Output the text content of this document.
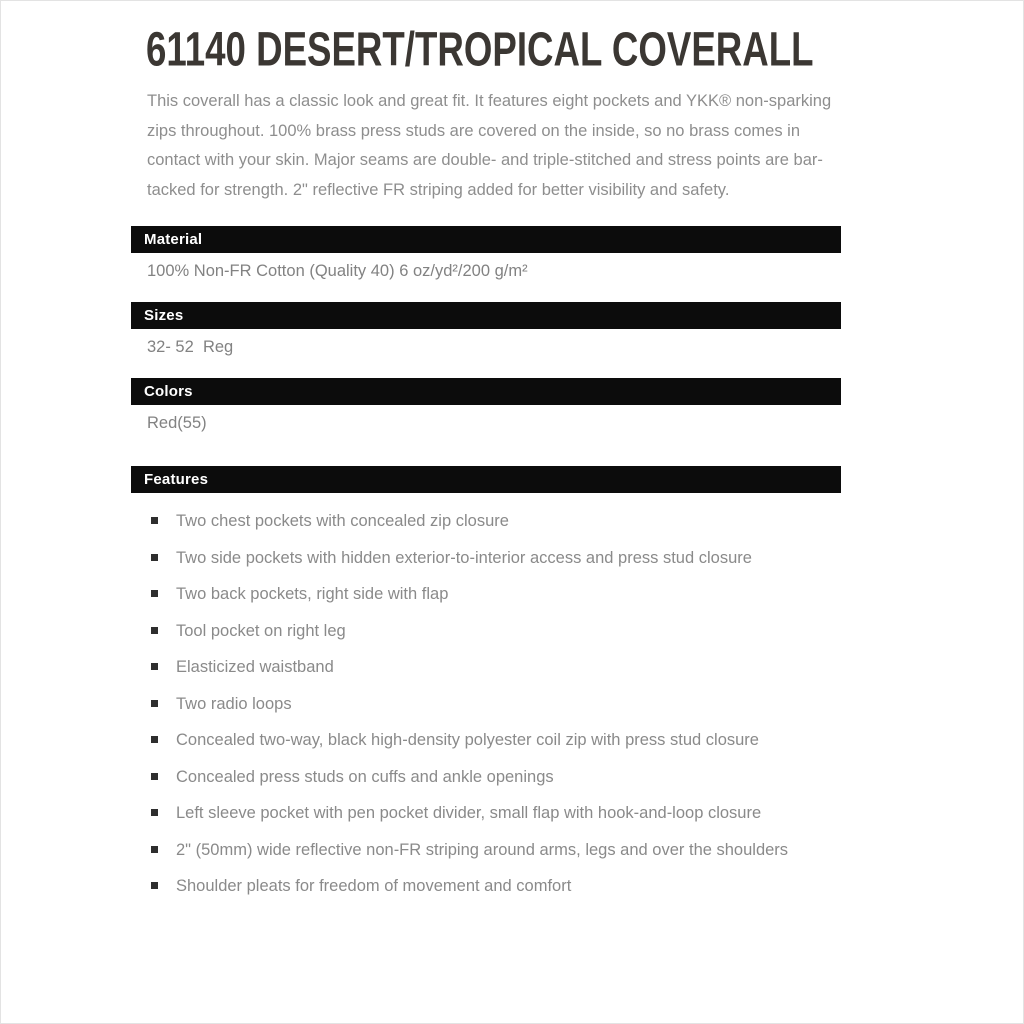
61140 DESERT/TROPICAL COVERALL

This coverall has a classic look and great fit. It features eight pockets and YKK® non-sparking zips throughout. 100% brass press studs are covered on the inside, so no brass comes in contact with your skin. Major seams are double- and triple-stitched and stress points are bar-tacked for strength. 2" reflective FR striping added for better visibility and safety.

Material

100% Non-FR Cotton (Quality 40) 6 oz/yd²/200 g/m²

Sizes

32- 52  Reg

Colors

Red(55)

Features
Two chest pockets with concealed zip closure
Two side pockets with hidden exterior-to-interior access and press stud closure
Two back pockets, right side with flap
Tool pocket on right leg
Elasticized waistband
Two radio loops
Concealed two-way, black high-density polyester coil zip with press stud closure
Concealed press studs on cuffs and ankle openings
Left sleeve pocket with pen pocket divider, small flap with hook-and-loop closure
2" (50mm) wide reflective non-FR striping around arms, legs and over the shoulders
Shoulder pleats for freedom of movement and comfort
